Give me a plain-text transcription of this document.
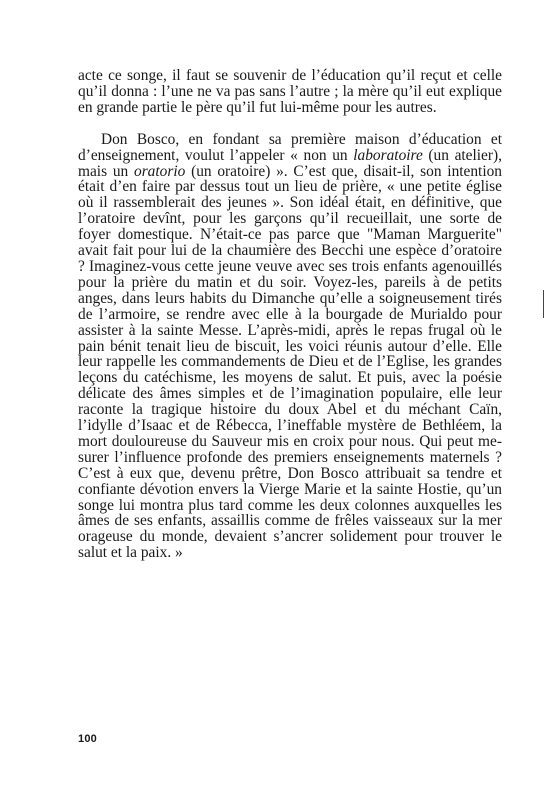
acte ce songe, il faut se souvenir de l’éducation qu’il reçut et celle qu’il donna : l’une ne va pas sans l’autre ; la mère qu’il eut explique en grande partie le père qu’il fut lui-même pour les autres.

Don Bosco, en fondant sa première maison d’éducation et d’enseignement, voulut l’appeler « non un laboratoire (un atelier), mais un oratorio (un oratoire) ». C’est que, disait-il, son intention était d’en faire par dessus tout un lieu de prière, « une petite église où il rassemblerait des jeunes ». Son idéal était, en définitive, que l’oratoire devînt, pour les garçons qu’il recueillait, une sorte de foyer domestique. N’était-ce pas parce que "Maman Marguerite" avait fait pour lui de la chaumière des Becchi une espèce d’oratoire ? Imaginez-vous cette jeune veuve avec ses trois enfants agenouillés pour la prière du matin et du soir. Voyez-les, pareils à de petits anges, dans leurs habits du Dimanche qu’elle a soigneusement tirés de l’armoire, se rendre avec elle à la bourgade de Murialdo pour assister à la sainte Messe. L’après-midi, après le repas frugal où le pain bénit tenait lieu de biscuit, les voici réunis autour d’elle. Elle leur rappelle les commandements de Dieu et de l’Eglise, les grandes leçons du catéchisme, les moyens de salut. Et puis, avec la poésie délicate des âmes simples et de l’imagination populaire, elle leur raconte la tragique histoire du doux Abel et du méchant Caïn, l’idylle d’Isaac et de Rébecca, l’ineffable mystère de Bethléem, la mort douloureuse du Sauveur mis en croix pour nous. Qui peut mesurer l’influence profonde des premiers enseignements maternels ? C’est à eux que, devenu prêtre, Don Bosco attribuait sa tendre et confiante dévotion envers la Vierge Marie et la sainte Hostie, qu’un songe lui montra plus tard comme les deux colonnes auxquelles les âmes de ses enfants, assaillis comme de frêles vaisseaux sur la mer orageuse du monde, devaient s’ancrer solidement pour trouver le salut et la paix. »

100
